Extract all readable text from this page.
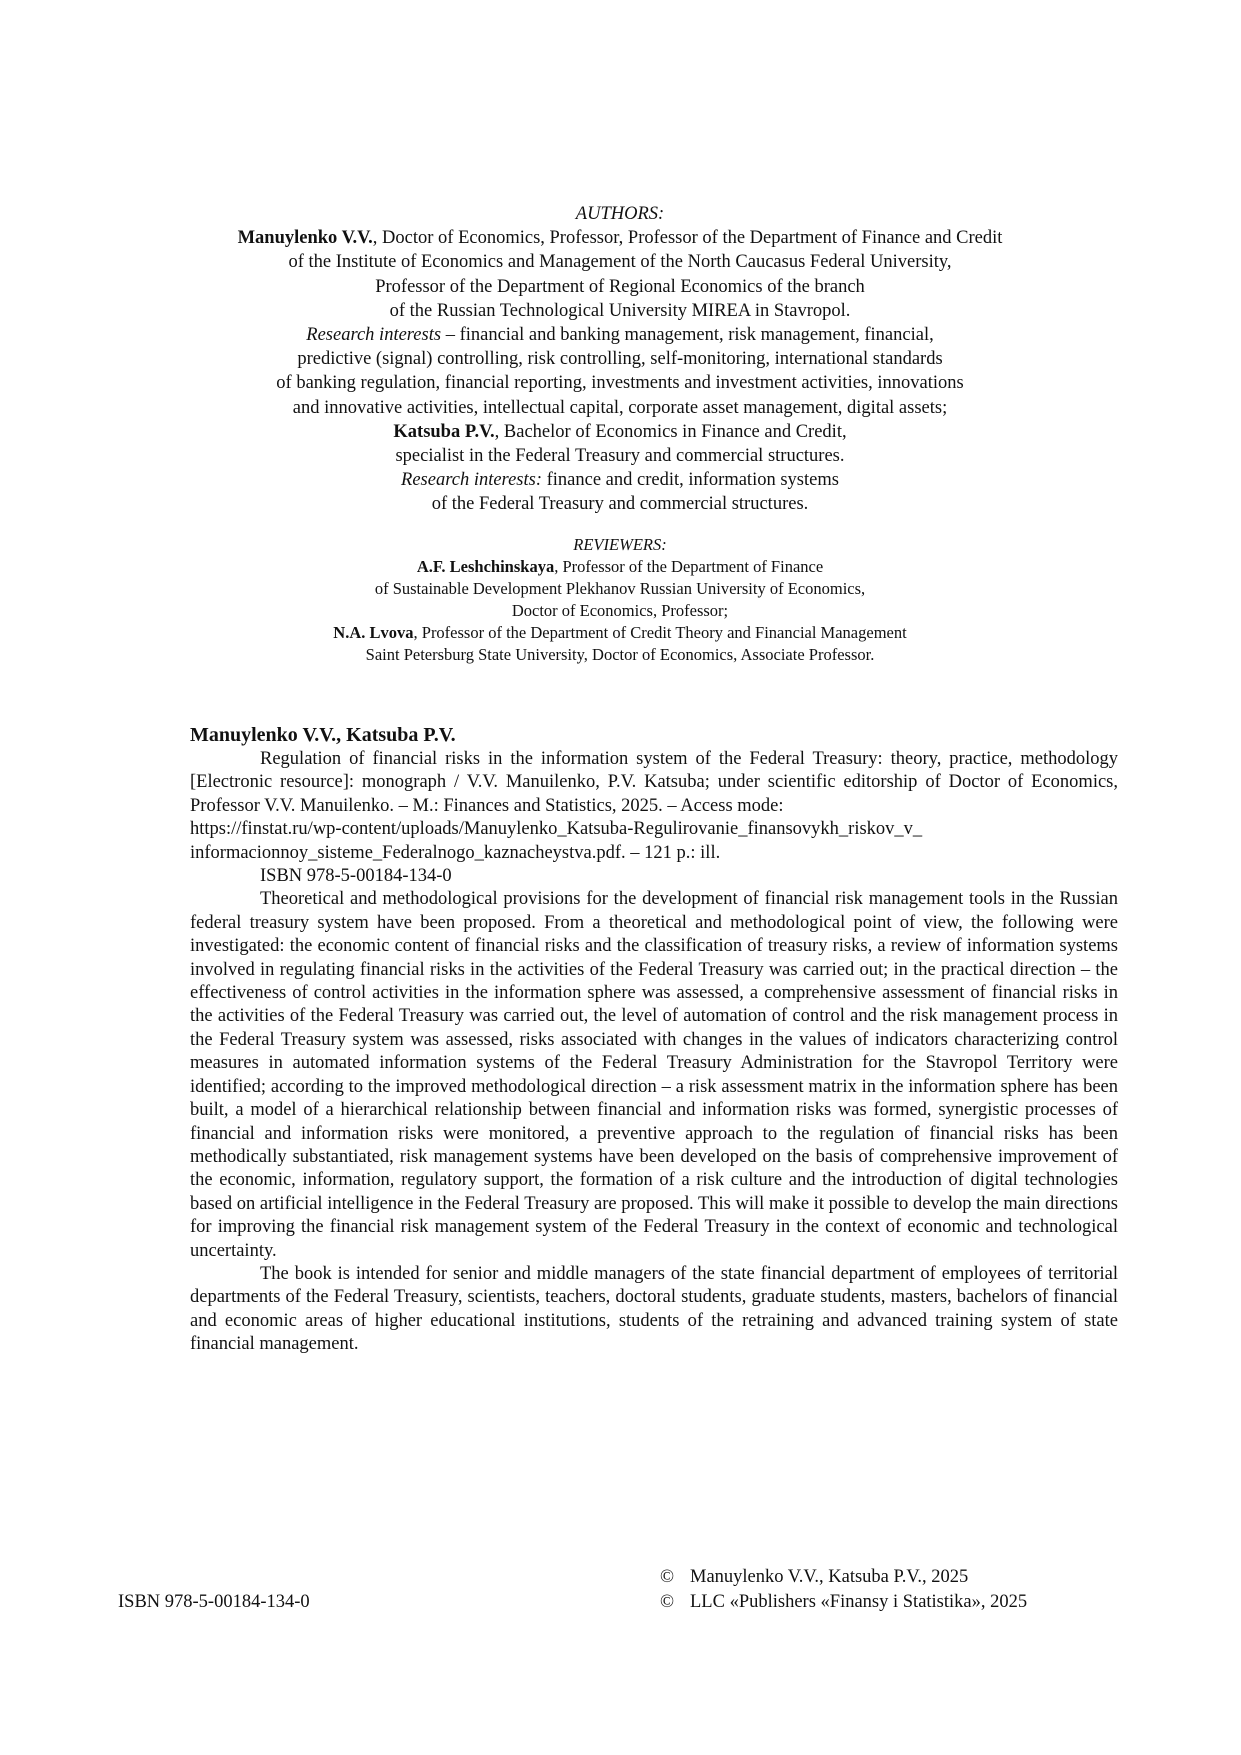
AUTHORS:
Manuylenko V.V., Doctor of Economics, Professor, Professor of the Department of Finance and Credit
of the Institute of Economics and Management of the North Caucasus Federal University,
Professor of the Department of Regional Economics of the branch
of the Russian Technological University MIREA in Stavropol.
Research interests – financial and banking management, risk management, financial,
predictive (signal) controlling, risk controlling, self-monitoring, international standards
of banking regulation, financial reporting, investments and investment activities, innovations
and innovative activities, intellectual capital, corporate asset management, digital assets;
Katsuba P.V., Bachelor of Economics in Finance and Credit,
specialist in the Federal Treasury and commercial structures.
Research interests: finance and credit, information systems
of the Federal Treasury and commercial structures.
REVIEWERS:
A.F. Leshchinskaya, Professor of the Department of Finance
of Sustainable Development Plekhanov Russian University of Economics,
Doctor of Economics, Professor;
N.A. Lvova, Professor of the Department of Credit Theory and Financial Management
Saint Petersburg State University, Doctor of Economics, Associate Professor.
Manuylenko V.V., Katsuba P.V.

Regulation of financial risks in the information system of the Federal Treasury: theory, practice, methodology [Electronic resource]: monograph / V.V. Manuilenko, P.V. Katsuba; under scientific editorship of Doctor of Economics, Professor V.V. Manuilenko. – M.: Finances and Statistics, 2025. – Access mode:

https://finstat.ru/wp-content/uploads/Manuylenko_Katsuba-Regulirovanie_finansovykh_riskov_v_
informacionnoy_sisteme_Federalnogo_kaznacheystva.pdf. – 121 p.: ill.

ISBN 978-5-00184-134-0

Theoretical and methodological provisions for the development of financial risk management tools in the Russian federal treasury system have been proposed. From a theoretical and methodological point of view, the following were investigated: the economic content of financial risks and the classification of treasury risks, a review of information systems involved in regulating financial risks in the activities of the Federal Treasury was carried out; in the practical direction – the effectiveness of control activities in the information sphere was assessed, a comprehensive assessment of financial risks in the activities of the Federal Treasury was carried out, the level of automation of control and the risk management process in the Federal Treasury system was assessed, risks associated with changes in the values of indicators characterizing control measures in automated information systems of the Federal Treasury Administration for the Stavropol Territory were identified; according to the improved methodological direction – a risk assessment matrix in the information sphere has been built, a model of a hierarchical relationship between financial and information risks was formed, synergistic processes of financial and information risks were monitored, a preventive approach to the regulation of financial risks has been methodically substantiated, risk management systems have been developed on the basis of comprehensive improvement of the economic, information, regulatory support, the formation of a risk culture and the introduction of digital technologies based on artificial intelligence in the Federal Treasury are proposed. This will make it possible to develop the main directions for improving the financial risk management system of the Federal Treasury in the context of economic and technological uncertainty.

The book is intended for senior and middle managers of the state financial department of employees of territorial departments of the Federal Treasury, scientists, teachers, doctoral students, graduate students, masters, bachelors of financial and economic areas of higher educational institutions, students of the retraining and advanced training system of state financial management.

ISBN 978-5-00184-134-0
© Manuylenko V.V., Katsuba P.V., 2025
© LLC «Publishers «Finansy i Statistika», 2025
